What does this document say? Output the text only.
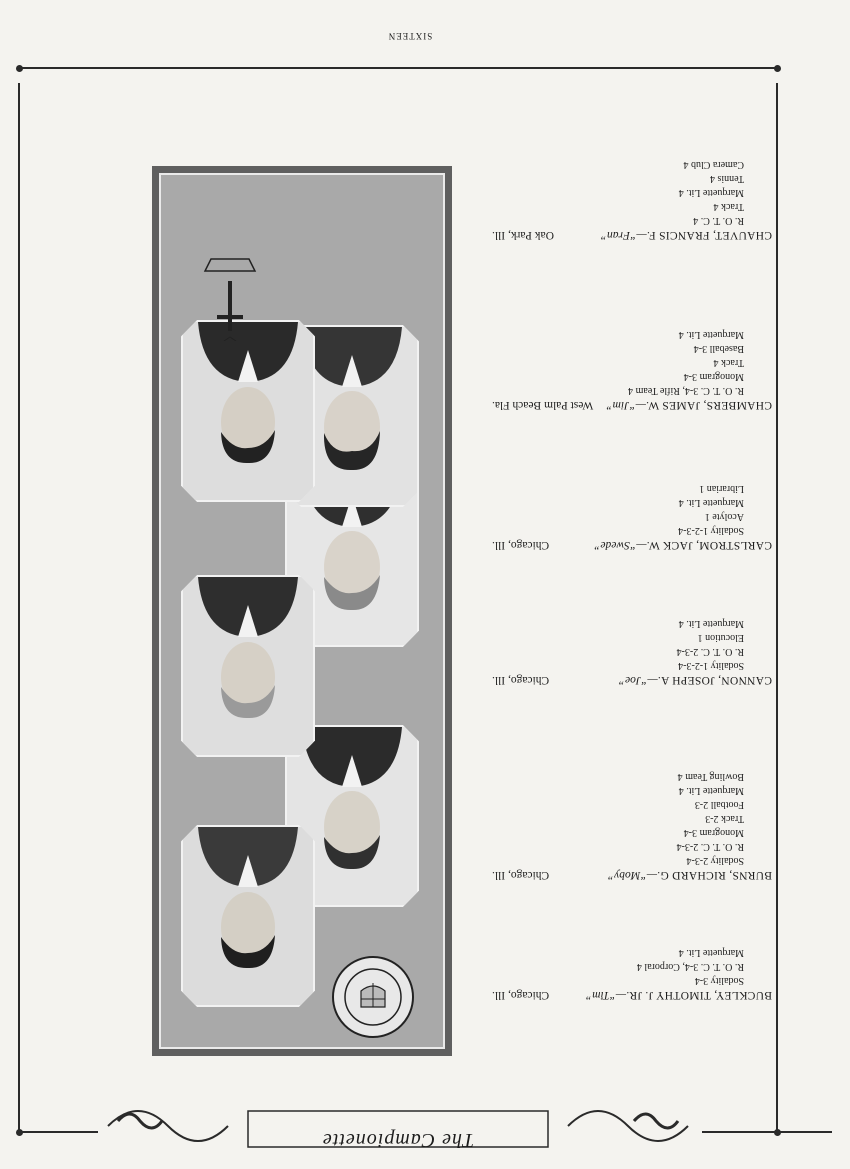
The Campionette
BUCKLEY, TIMOTHY J. JR.—“Tim”
Chicago, Ill.
Sodality 3-4
R. O. T. C. 3-4, Corporal 4
Marquette Lit. 4
BURNS, RICHARD G.—“Moby”
Chicago, Ill.
Sodality 2-3-4
R. O. T. C. 2-3-4
Monogram 3-4
Track 2-3
Football 2-3
Marquette Lit. 4
Bowling Team 4
CANNON, JOSEPH A.—“Joe”
Chicago, Ill.
Sodality 1-2-3-4
R. O. T. C. 2-3-4
Elocution 1
Marquette Lit. 4
CARLSTROM, JACK W.—“Swede”
Chicago, Ill.
Sodality 1-2-3-4
Acolyte 1
Marquette Lit. 4
Librarian 1
CHAMBERS, JAMES W.—“Jim”
West Palm Beach Fla.
R. O. T. C. 3-4, Rifle Team 4
Monogram 3-4
Track 4
Baseball 3-4
Marquette Lit. 4
CHAUVET, FRANCIS F.—“Fran”
Oak Park, Ill.
R. O. T. C. 4
Track 4
Marquette Lit. 4
Tennis 4
Camera Club 4
SIXTEEN
